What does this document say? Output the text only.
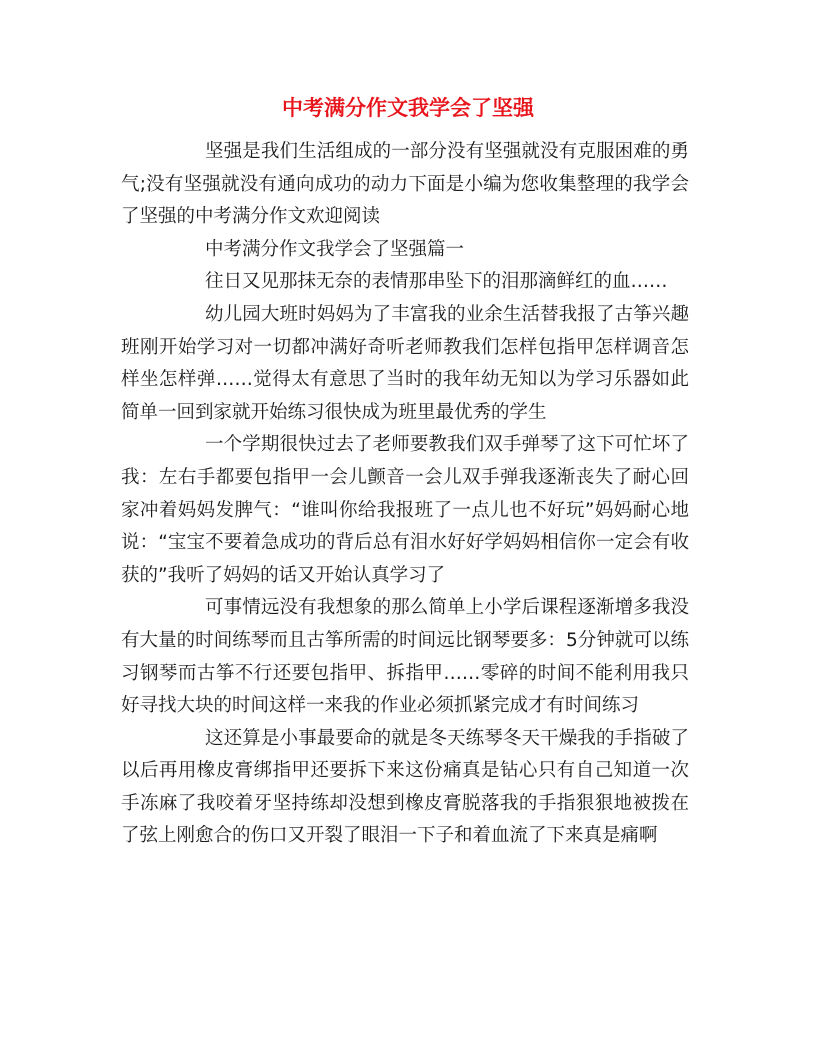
中考满分作文我学会了坚强

坚强是我们生活组成的一部分没有坚强就没有克服困难的勇气;没有坚强就没有通向成功的动力下面是小编为您收集整理的我学会了坚强的中考满分作文欢迎阅读

中考满分作文我学会了坚强篇一

往日又见那抹无奈的表情那串坠下的泪那滴鲜红的血……

幼儿园大班时妈妈为了丰富我的业余生活替我报了古筝兴趣班刚开始学习对一切都冲满好奇听老师教我们怎样包指甲怎样调音怎样坐怎样弹……觉得太有意思了当时的我年幼无知以为学习乐器如此简单一回到家就开始练习很快成为班里最优秀的学生

一个学期很快过去了老师要教我们双手弹琴了这下可忙坏了我：左右手都要包指甲一会儿颤音一会儿双手弹我逐渐丧失了耐心回家冲着妈妈发脾气：“谁叫你给我报班了一点儿也不好玩”妈妈耐心地说：“宝宝不要着急成功的背后总有泪水好好学妈妈相信你一定会有收获的”我听了妈妈的话又开始认真学习了

可事情远没有我想象的那么简单上小学后课程逐渐增多我没有大量的时间练琴而且古筝所需的时间远比钢琴要多：5分钟就可以练习钢琴而古筝不行还要包指甲、拆指甲……零碎的时间不能利用我只好寻找大块的时间这样一来我的作业必须抓紧完成才有时间练习

这还算是小事最要命的就是冬天练琴冬天干燥我的手指破了以后再用橡皮膏绑指甲还要拆下来这份痛真是钻心只有自己知道一次手冻麻了我咬着牙坚持练却没想到橡皮膏脱落我的手指狠狠地被拨在了弦上刚愈合的伤口又开裂了眼泪一下子和着血流了下来真是痛啊
